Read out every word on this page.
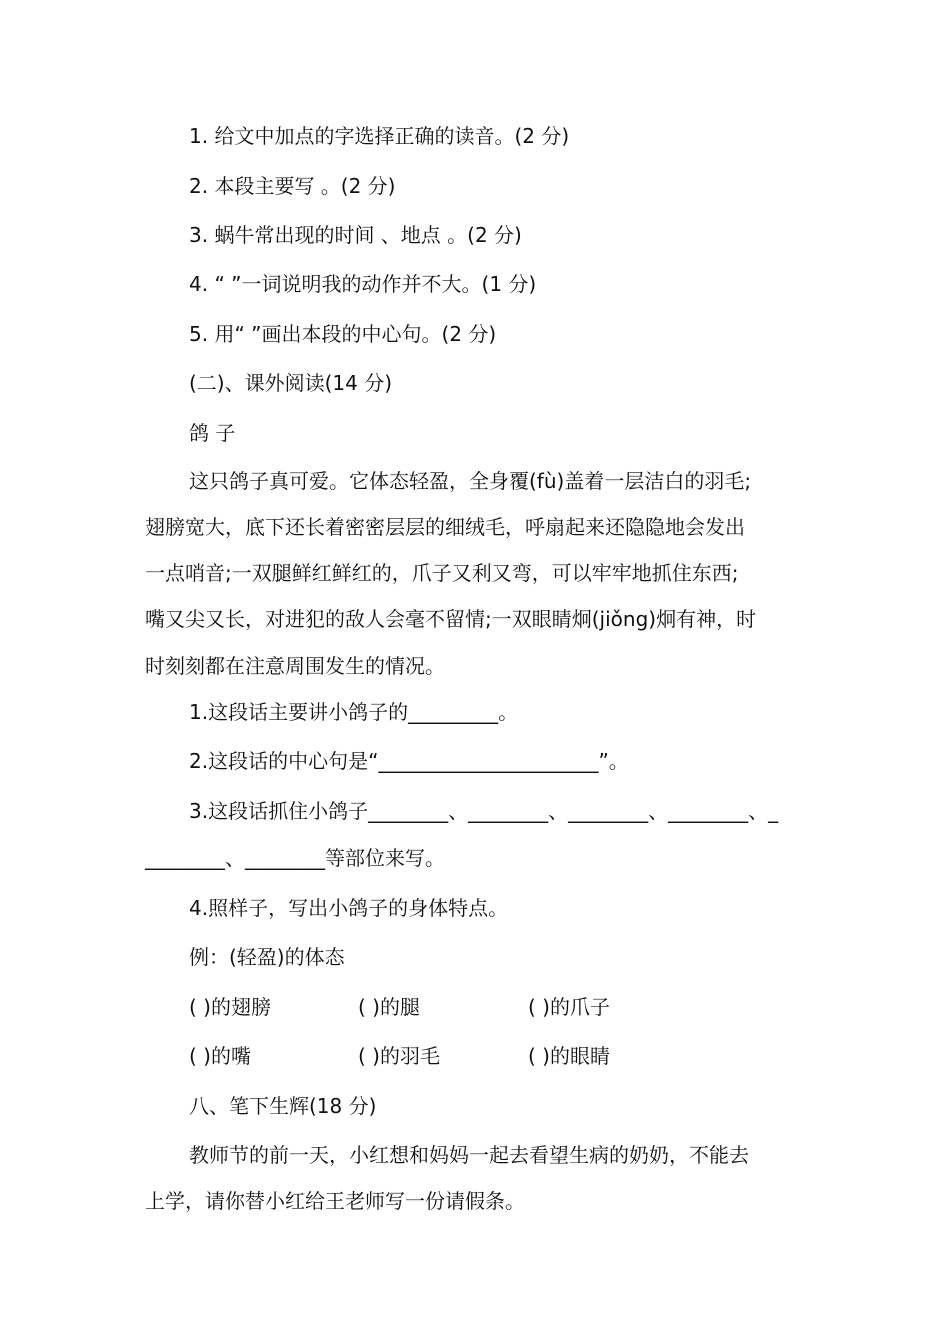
1. 给文中加点的字选择正确的读音。(2 分)
2. 本段主要写 。(2 分)
3. 蜗牛常出现的时间 、地点 。(2 分)
4. “ ”一词说明我的动作并不大。(1 分)
5. 用“ ”画出本段的中心句。(2 分)
(二)、课外阅读(14 分)
鸽 子
这只鸽子真可爱。它体态轻盈，全身覆(fù)盖着一层洁白的羽毛;
翅膀宽大，底下还长着密密层层的细绒毛，呼扇起来还隐隐地会发出
一点哨音;一双腿鲜红鲜红的，爪子又利又弯，可以牢牢地抓住东西;
嘴又尖又长，对进犯的敌人会毫不留情;一双眼睛炯(jiǒng)炯有神，时
时刻刻都在注意周围发生的情况。
1.这段话主要讲小鸽子的_________。
2.这段话的中心句是“______________________”。
3.这段话抓住小鸽子________、________、________、________、_
________、________等部位来写。
4.照样子，写出小鸽子的身体特点。
例：(轻盈)的体态
( )的翅膀	( )的腿	( )的爪子
( )的嘴	( )的羽毛	( )的眼睛
八、笔下生辉(18 分)
教师节的前一天，小红想和妈妈一起去看望生病的奶奶，不能去
上学，请你替小红给王老师写一份请假条。
